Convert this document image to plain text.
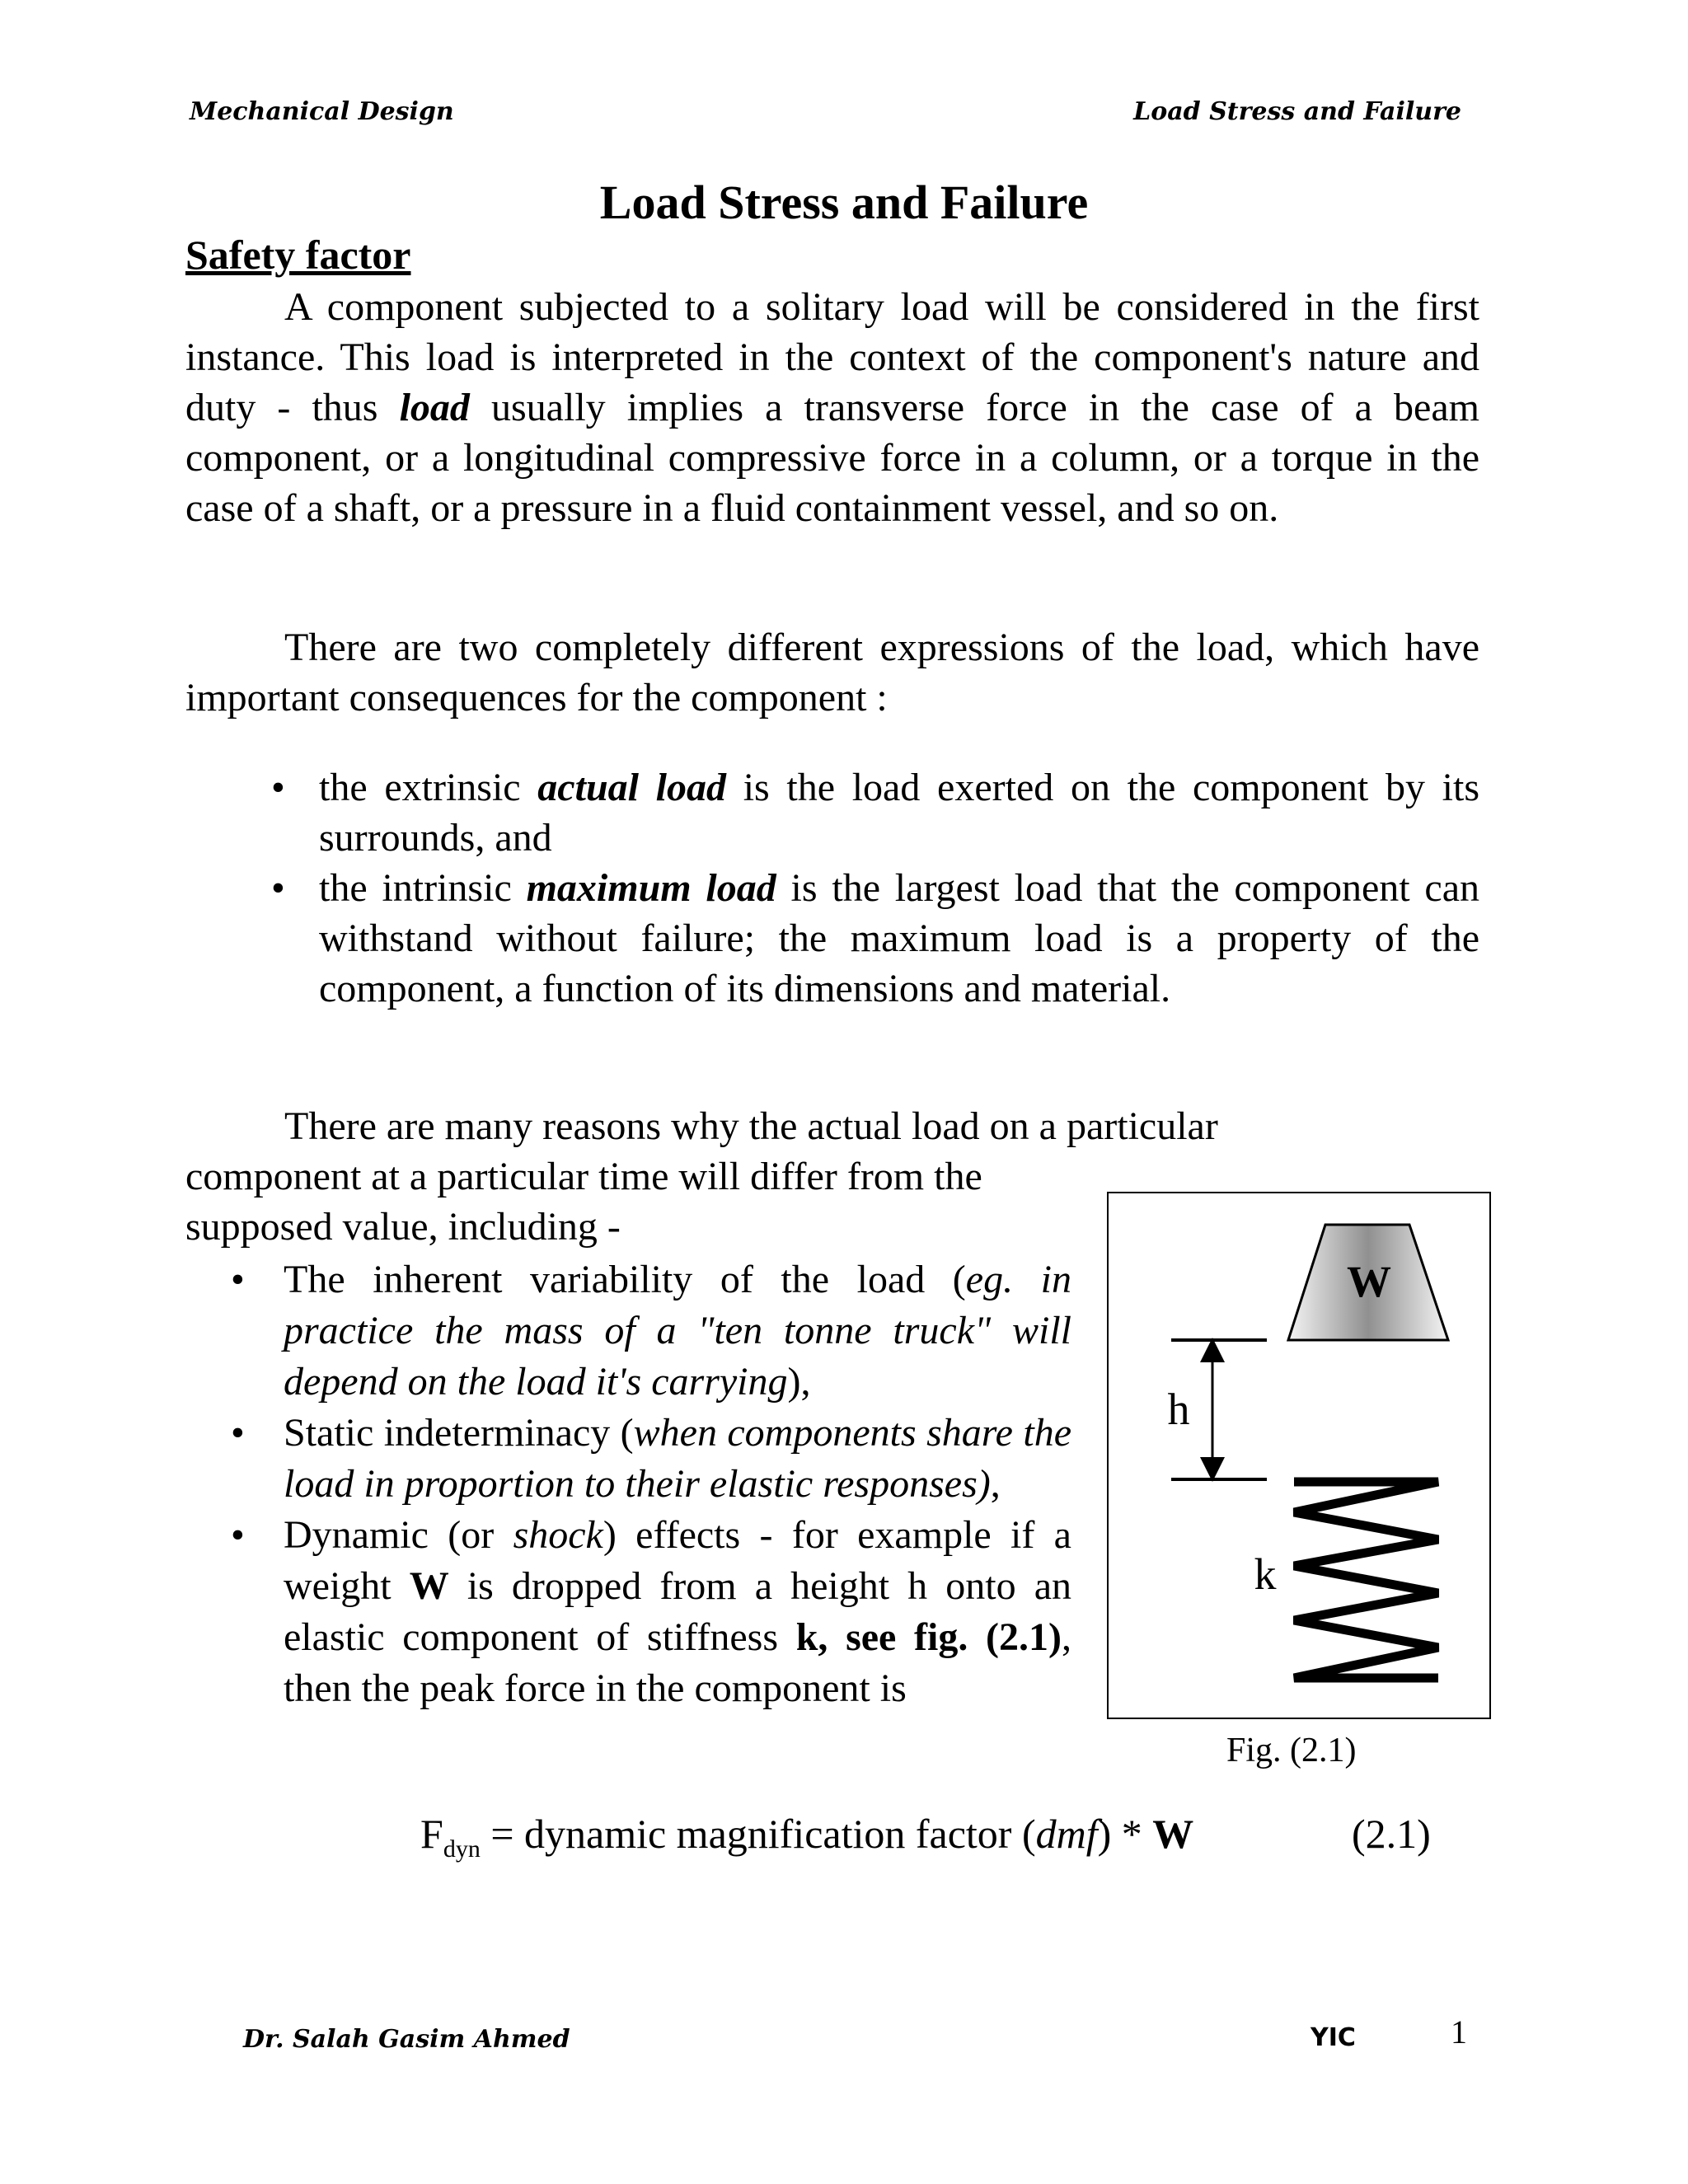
Mechanical Design	Load Stress and Failure
Load Stress and Failure
Safety factor

A component subjected to a solitary load will be considered in the first instance. This load is interpreted in the context of the component's nature and duty - thus load usually implies a transverse force in the case of a beam component, or a longitudinal compressive force in a column, or a torque in the case of a shaft, or a pressure in a fluid containment vessel, and so on.

There are two completely different expressions of the load, which have important consequences for the component :

• the extrinsic actual load is the load exerted on the component by its surrounds, and
• the intrinsic maximum load is the largest load that the component can withstand without failure; the maximum load is a property of the component, a function of its dimensions and material.
There are many reasons why the actual load on a particular
component at a particular time will differ from the
supposed value, including -
• The inherent variability of the load (eg. in practice the mass of a "ten tonne truck" will depend on the load it's carrying),
• Static indeterminacy (when components share the load in proportion to their elastic responses),
• Dynamic (or shock) effects - for example if a weight W is dropped from a height h onto an elastic component of stiffness k, see fig. (2.1), then the peak force in the component is
W
h
k
Fig. (2.1)
$F_{dyn}$ = dynamic magnification factor (dmf) * W	(2.1)
Dr. Salah Gasim Ahmed	YIC	1
